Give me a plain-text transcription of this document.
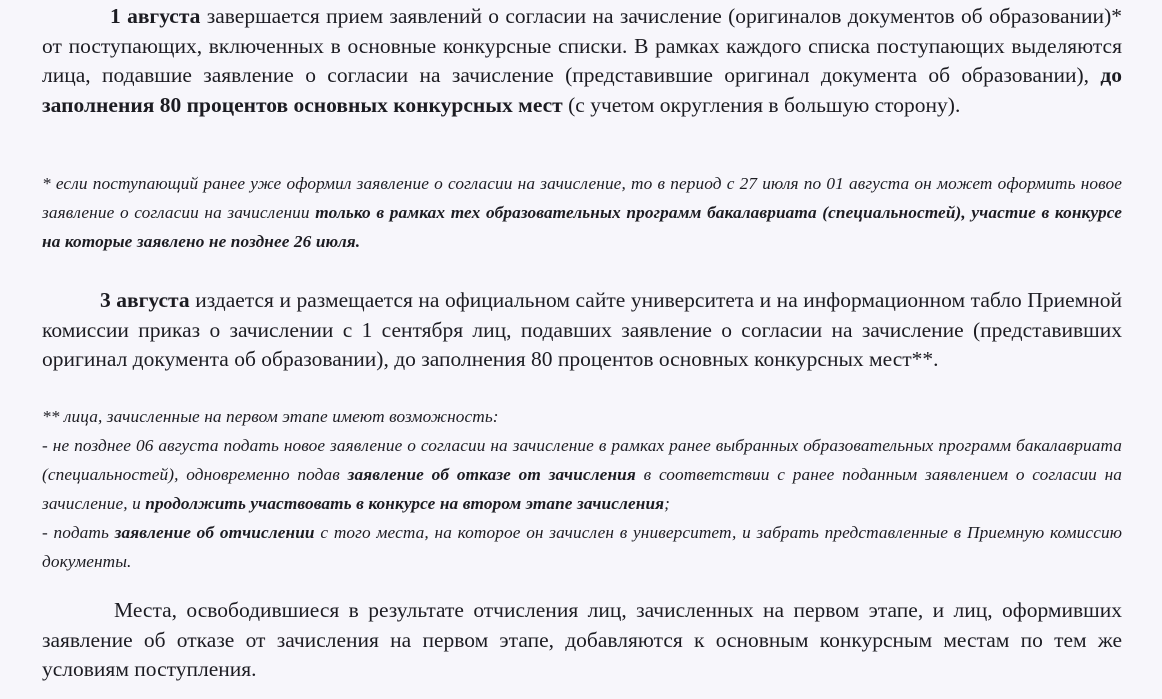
1 августа завершается прием заявлений о согласии на зачисление (оригиналов документов об образовании)* от поступающих, включенных в основные конкурсные списки. В рамках каждого списка поступающих выделяются лица, подавшие заявление о согласии на зачисление (представившие оригинал документа об образовании), до заполнения 80 процентов основных конкурсных мест (с учетом округления в большую сторону).

* если поступающий ранее уже оформил заявление о согласии на зачисление, то в период с 27 июля по 01 августа он может оформить новое заявление о согласии на зачислении только в рамках тех образовательных программ бакалавриата (специальностей), участие в конкурсе на которые заявлено не позднее 26 июля.

3 августа издается и размещается на официальном сайте университета и на информационном табло Приемной комиссии приказ о зачислении с 1 сентября лиц, подавших заявление о согласии на зачисление (представивших оригинал документа об образовании), до заполнения 80 процентов основных конкурсных мест**.

** лица, зачисленные на первом этапе имеют возможность:
- не позднее 06 августа подать новое заявление о согласии на зачисление в рамках ранее выбранных образовательных программ бакалавриата (специальностей), одновременно подав заявление об отказе от зачисления в соответствии с ранее поданным заявлением о согласии на зачисление, и продолжить участвовать в конкурсе на втором этапе зачисления;
- подать заявление об отчислении с того места, на которое он зачислен в университет, и забрать представленные в Приемную комиссию документы.

Места, освободившиеся в результате отчисления лиц, зачисленных на первом этапе, и лиц, оформивших заявление об отказе от зачисления на первом этапе, добавляются к основным конкурсным местам по тем же условиям поступления.
